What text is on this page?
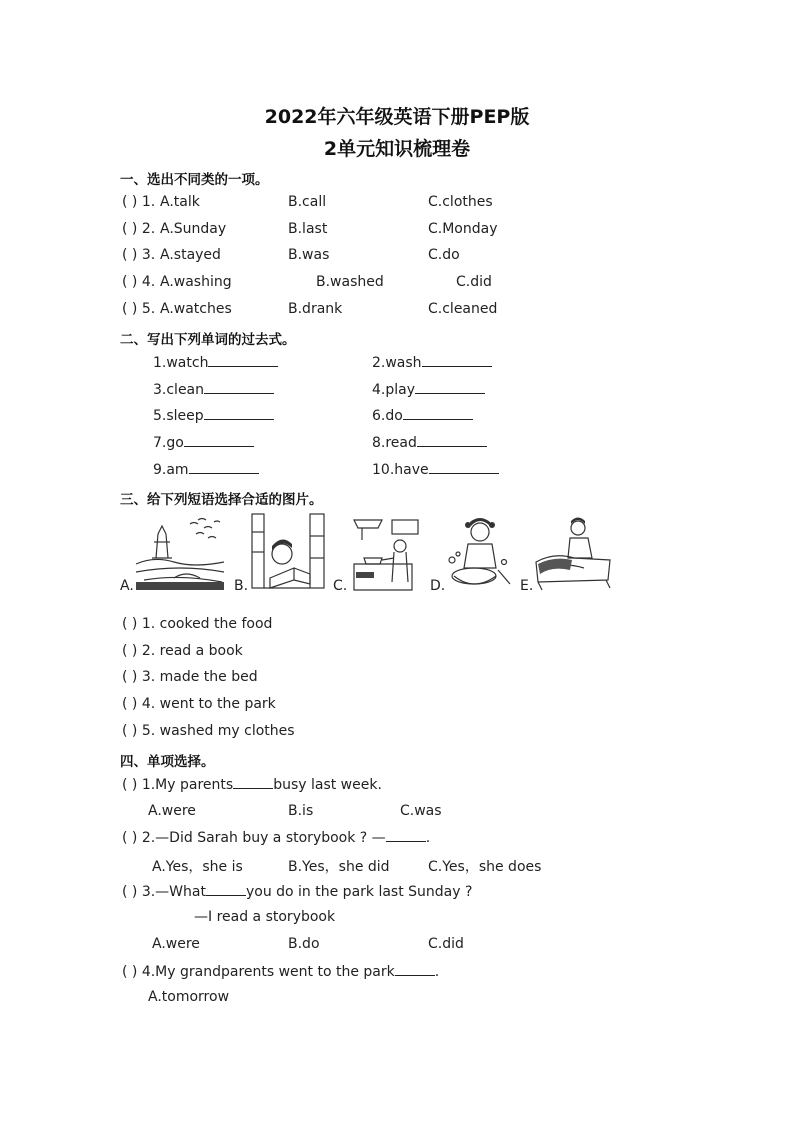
2022年六年级英语下册PEP版
2单元知识梳理卷
一、选出不同类的一项。
( ) 1. A.talk	B.call	C.clothes
( ) 2. A.Sunday	B.last	C.Monday
( ) 3. A.stayed	B.was	C.do
( ) 4. A.washing	B.washed	C.did
( ) 5. A.watches	B.drank	C.cleaned
二、写出下列单词的过去式。
1.watch	2.wash
3.clean	4.play
5.sleep	6.do
7.go	8.read
9.am	10.have
三、给下列短语选择合适的图片。
A.	B.	C.	D.	E.
( ) 1. cooked the food
( ) 2. read a book
( ) 3. made the bed
( ) 4. went to the park
( ) 5. washed my clothes
四、单项选择。
( ) 1.My parents	busy last week.
A.were	B.is	C.was
( ) 2.—Did Sarah buy a storybook ? —	.
A.Yes，she is	B.Yes，she did	C.Yes，she does
( ) 3.—What	you do in the park last Sunday ?
—I read a storybook
A.were	B.do	C.did
( ) 4.My grandparents went to the park	.
A.tomorrow
